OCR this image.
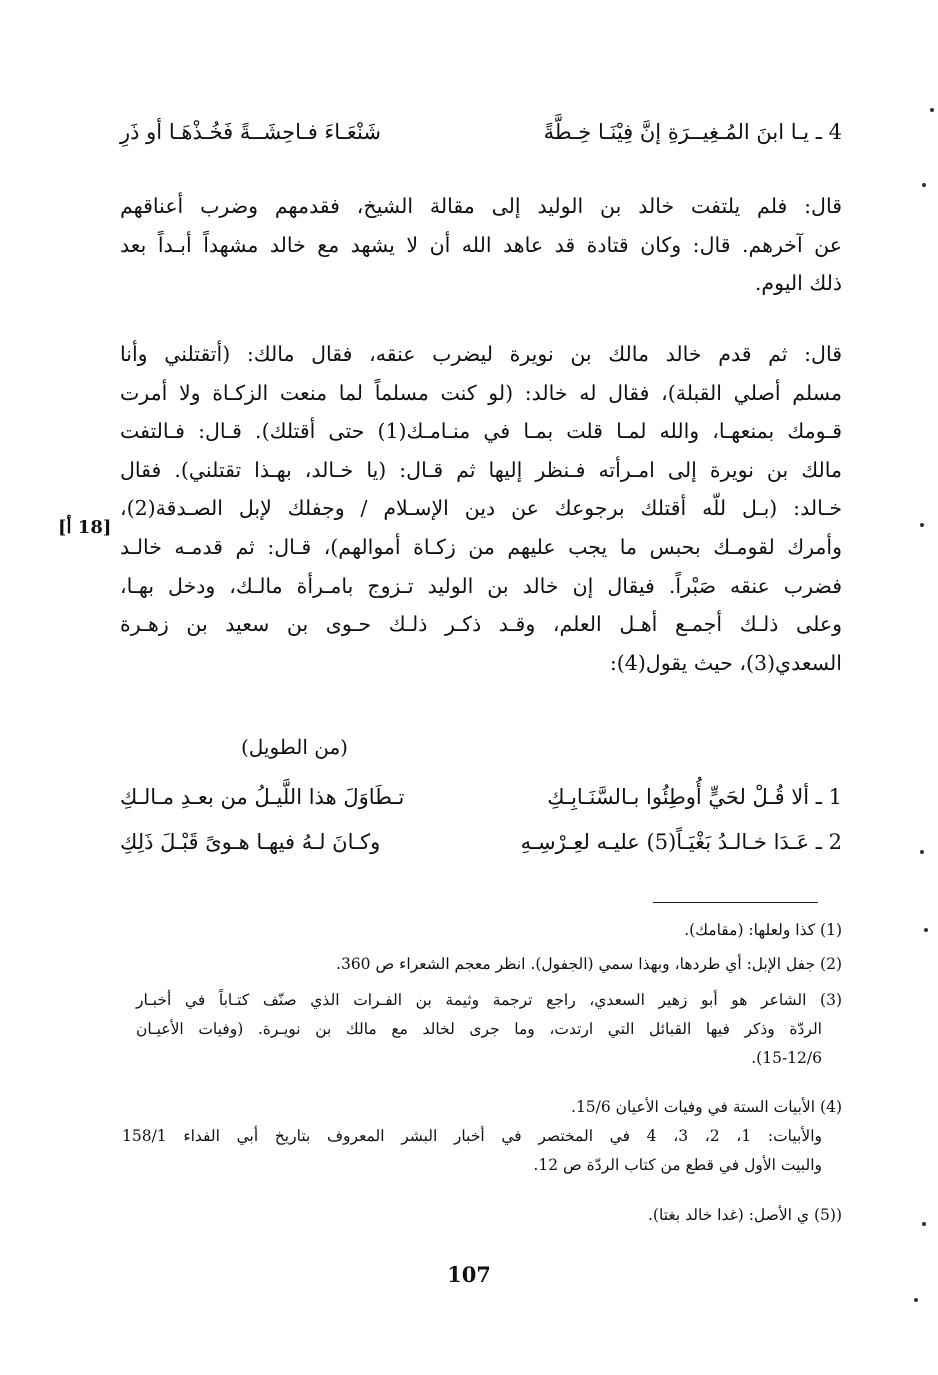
4 ـ يـا ابنَ المُـغِيــرَةِ إنَّ فِيْنَـا خِـطَّةً
شَنْعَـاءَ فـاحِشَــةً فَخُـذْهَـا أو ذَرِ
قال: فلم يلتفت خالد بن الوليد إلى مقالة الشيخ، فقدمهم وضرب أعناقهم
عن آخرهم. قال: وكان قتادة قد عاهد الله أن لا يشهد مع خالد مشهداً أبـداً بعد
ذلك اليوم.
قال: ثم قدم خالد مالك بن نويرة ليضرب عنقه، فقال مالك: (أتقتلني وأنا
مسلم أصلي القبلة)، فقال له خالد: (لو كنت مسلماً لما منعت الزكـاة ولا أمرت
قـومك بمنعهـا، والله لمـا قلت بمـا في منـامـك(1) حتى أقتلك). قـال: فـالتفت
مالك بن نويرة إلى امـرأته فـنظر إليها ثم قـال: (يا خـالد، بهـذا تقتلني). فقال
خـالد: (بـل للّه أقتلك برجوعك عن دين الإسـلام / وجفلك لإبل الصـدقة(2)،
وأمرك لقومـك بحبس ما يجب عليهم من زكـاة أموالهم)، قـال: ثم قدمـه خالـد
فضرب عنقه صَبْراً. فيقال إن خالد بن الوليد تـزوج بامـرأة مالـك، ودخل بهـا،
وعلى ذلـك أجمـع أهـل العلم، وقـد ذكـر ذلـك حـوى بن سعيد بن زهـرة
السعدي(3)، حيث يقول(4):
[18 أ]
(من الطويل)
1 ـ ألا قُـلْ لحَيٍّ أُوطِئُوا بـالسَّنَـابِـكِ
تـطَاوَلَ هذا اللَّيـلُ من بعـدِ مـالـكِ
2 ـ عَـدَا خـالـدُ بَغْيَـاً(5) عليـه لعِـرْسِـهِ
وكـانَ لـهُ فيهـا هـوىً قَبْـلَ ذَلِكِ
(1) كذا ولعلها: (مقامك).
(2) جفل الإبل: أي طردها، وبهذا سمي (الجفول). انظر معجم الشعراء ص 360.
(3) الشاعر هو أبو زهير السعدي، راجع ترجمة وثيمة بن الفـرات الذي صنّف كتـاباً في أخبـار
الردّة وذكر فيها القبائل التي ارتدت، وما جرى لخالد مع مالك بن نويـرة. (وفيات الأعيـان
15-12/6).
(4) الأبيات الستة في وفيات الأعيان 15/6.
والأبيات: 1، 2، 3، 4 في المختصر في أخبار البشر المعروف بتاريخ أبي الفداء 158/1
والبيت الأول في قطع من كتاب الردّة ص 12.
((5) ي الأصل: (غدا خالد بغتا).
107
